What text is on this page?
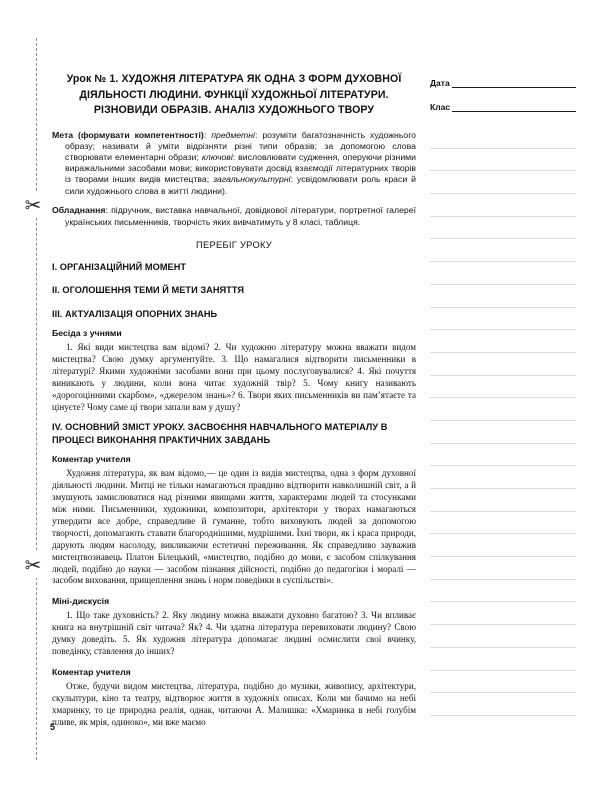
✂
✂
5
Урок № 1. ХУДОЖНЯ ЛІТЕРАТУРА ЯК ОДНА З ФОРМ ДУХОВНОЇ ДІЯЛЬНОСТІ ЛЮДИНИ. ФУНКЦІЇ ХУДОЖНЬОЇ ЛІТЕРАТУРИ. РІЗНОВИДИ ОБРАЗІВ. АНАЛІЗ ХУДОЖНЬОГО ТВОРУ

Мета (формувати компетентності): предметні: розуміти багатозначність художнього образу; називати й уміти відрізняти різні типи образів; за допомогою слова створювати елементарні образи; ключові: висловлювати судження, оперуючи різними виражальними засобами мови; використовувати досвід взаємодії літературних творів із творами інших видів мистецтва; загальнокультурні: усвідомлювати роль краси й сили художнього слова в житті людини).

Обладнання: підручник, виставка навчальної, довідкової літератури, портретної галереї українських письменників, творчість яких вивчатимуть у 8 класі, таблиця.

ПЕРЕБІГ УРОКУ
I. ОРГАНІЗАЦІЙНИЙ МОМЕНТ
II. ОГОЛОШЕННЯ ТЕМИ Й МЕТИ ЗАНЯТТЯ
III. АКТУАЛІЗАЦІЯ ОПОРНИХ ЗНАНЬ
Бесіда з учнями

1. Які види мистецтва вам відомі? 2. Чи художню літературу можна вважати видом мистецтва? Свою думку аргументуйте. 3. Що намагалися відтворити письменники в літературі? Якими художніми засобами вони при цьому послуговувалися? 4. Які почуття виникають у людини, коли вона читає художній твір? 5. Чому книгу називають «дорогоцінними скарбом», «джерелом знань»? 6. Твори яких письменників ви пам’ятаєте та цінуєте? Чому саме ці твори запали вам у душу?

IV. ОСНОВНИЙ ЗМІСТ УРОКУ. ЗАСВОЄННЯ НАВЧАЛЬНОГО МАТЕРІАЛУ В ПРОЦЕСІ ВИКОНАННЯ ПРАКТИЧНИХ ЗАВДАНЬ
Коментар учителя

Художня література, як вам відомо,— це один із видів мистецтва, одна з форм духовної діяльності людини. Митці не тільки намагаються правдиво відтворити навколишній світ, а й змушують замислюватися над різними явищами життя, характерами людей та стосунками між ними. Письменники, художники, композитори, архітектори у творах намагаються утвердити все добре, справедливе й гуманне, тобто виховують людей за допомогою творчості, допомагають ставати благороднішими, мудрішими. Їхні твори, як і краса природи, дарують людям насолоду, викликаючи естетичні переживання. Як справедливо зауважив мистецтвознавець Платон Білецький, «мистецтво, подібно до мови, є засобом спілкування людей, подібно до науки — засобом пізнання дійсності, подібно до педагогіки і моралі — засобом виховання, прищеплення знань і норм поведінки в суспільстві».

Міні-дискусія

1. Що таке духовність? 2. Яку людину можна вважати духовно багатою? 3. Чи впливає книга на внутрішній світ читача? Як? 4. Чи здатна література перевиховати людину? Свою думку доведіть. 5. Як художня література допомагає людині осмислити свої вчинку, поведінку, ставлення до інших?

Коментар учителя

Отже, будучи видом мистецтва, література, подібно до музики, живопису, архітектури, скульптури, кіно та театру, відтворює життя в художніх описах. Коли ми бачимо на небі хмаринку, то це природна реалія, однак, читаючи А. Малишка: «Хмаринка в небі голубім пливе, як мрія, одиноко», ми вже маємо

Дата
Клас
